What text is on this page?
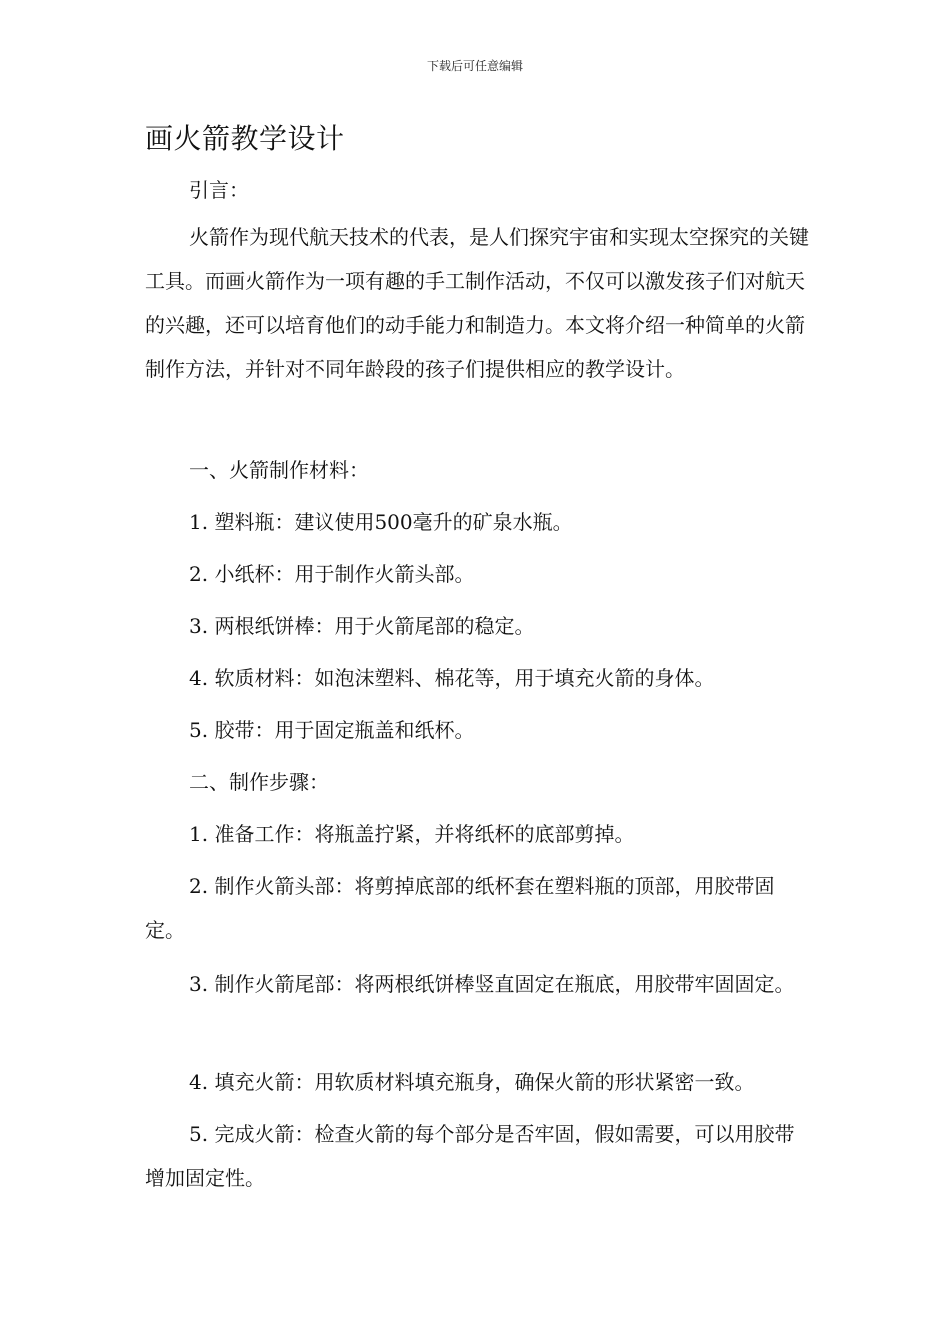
下载后可任意编辑
画火箭教学设计

引言：

火箭作为现代航天技术的代表，是人们探究宇宙和实现太空探究的关键工具。而画火箭作为一项有趣的手工制作活动，不仅可以激发孩子们对航天的兴趣，还可以培育他们的动手能力和制造力。本文将介绍一种简单的火箭制作方法，并针对不同年龄段的孩子们提供相应的教学设计。

一、火箭制作材料：

1. 塑料瓶：建议使用500毫升的矿泉水瓶。

2. 小纸杯：用于制作火箭头部。

3. 两根纸饼棒：用于火箭尾部的稳定。

4. 软质材料：如泡沫塑料、棉花等，用于填充火箭的身体。

5. 胶带：用于固定瓶盖和纸杯。

二、制作步骤：

1. 准备工作：将瓶盖拧紧，并将纸杯的底部剪掉。

2. 制作火箭头部：将剪掉底部的纸杯套在塑料瓶的顶部，用胶带固定。

3. 制作火箭尾部：将两根纸饼棒竖直固定在瓶底，用胶带牢固固定。

4. 填充火箭：用软质材料填充瓶身，确保火箭的形状紧密一致。

5. 完成火箭：检查火箭的每个部分是否牢固，假如需要，可以用胶带增加固定性。
